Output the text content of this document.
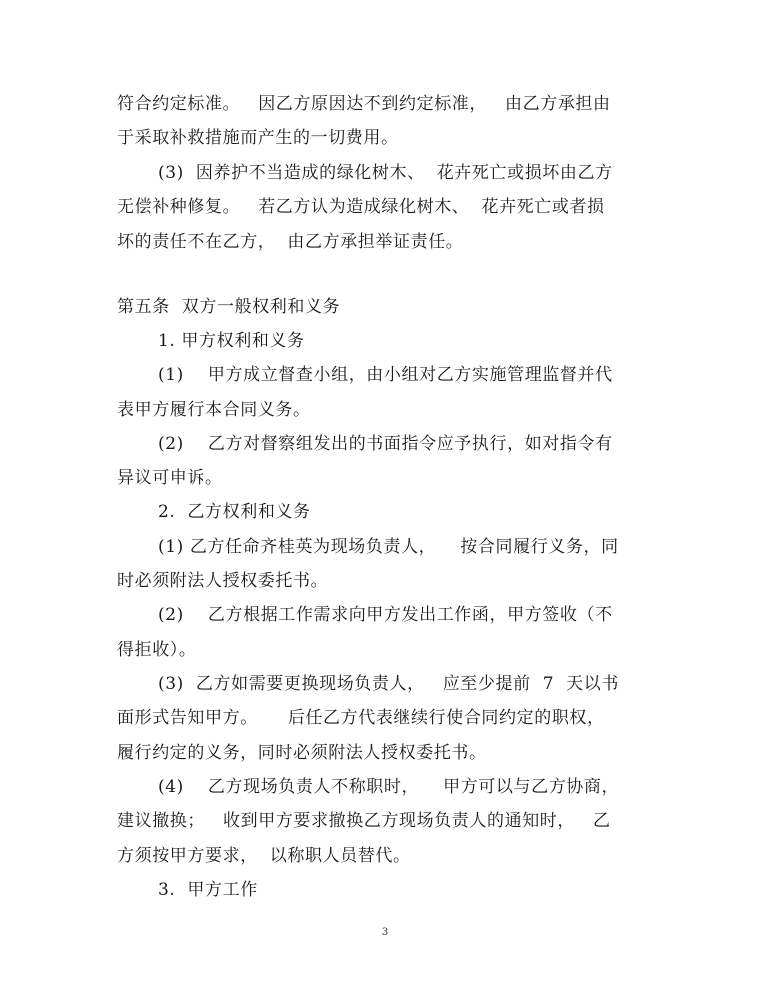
符合约定标准。   因乙方原因达不到约定标准，   由乙方承担由
于采取补救措施而产生的一切费用。
(3)  因养护不当造成的绿化树木、  花卉死亡或损坏由乙方
无偿补种修复。   若乙方认为造成绿化树木、  花卉死亡或者损
坏的责任不在乙方，  由乙方承担举证责任。
第五条  双方一般权利和义务
1. 甲方权利和义务
(1)    甲方成立督查小组，由小组对乙方实施管理监督并代
表甲方履行本合同义务。
(2)    乙方对督察组发出的书面指令应予执行，如对指令有
异议可申诉。
2.  乙方权利和义务
(1) 乙方任命齐桂英为现场负责人，    按合同履行义务，同
时必须附法人授权委托书。
(2)    乙方根据工作需求向甲方发出工作函，甲方签收（不
得拒收）。
(3)  乙方如需要更换现场负责人，   应至少提前  7  天以书
面形式告知甲方。     后任乙方代表继续行使合同约定的职权，
履行约定的义务，同时必须附法人授权委托书。
(4)    乙方现场负责人不称职时，    甲方可以与乙方协商，
建议撤换；   收到甲方要求撤换乙方现场负责人的通知时，   乙
方须按甲方要求，  以称职人员替代。
3.  甲方工作
3
